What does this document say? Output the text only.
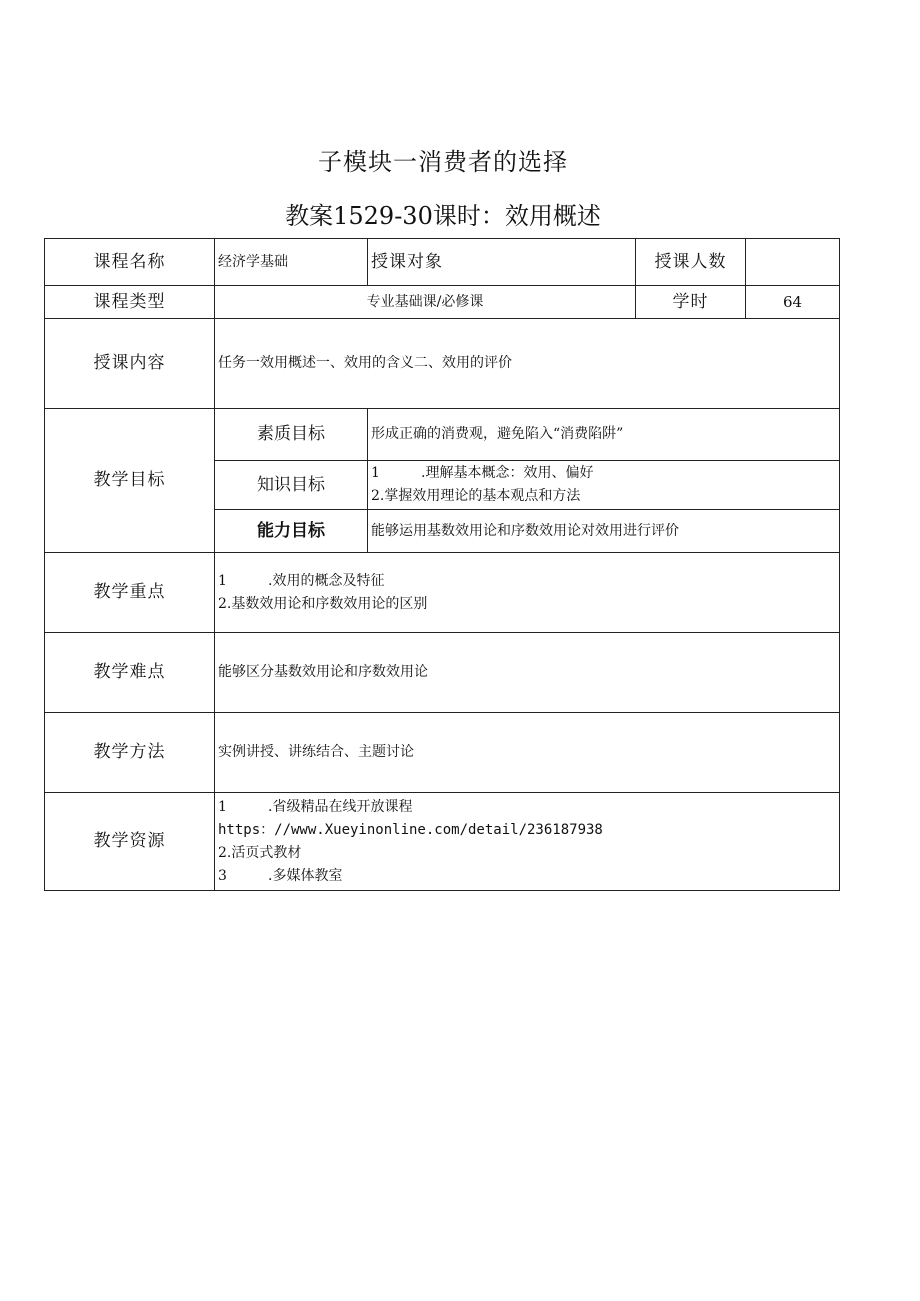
子模块一消费者的选择
教案1529-30课时：效用概述
课程名称	经济学基础	授课对象	授课人数	
课程类型	专业基础课/必修课		学时	64
授课内容	任务一效用概述一、效用的含义二、效用的评价			
教学目标	素质目标	形成正确的消费观，避免陷入“消费陷阱”		
	知识目标	1 .理解基本概念：效用、偏好
2.掌握效用理论的基本观点和方法		

	能力目标	能够运用基数效用论和序数效用论对效用进行评价		
教学重点	1 .效用的概念及特征
2.基数效用论和序数效用论的区别			

教学难点	能够区分基数效用论和序数效用论			
教学方法	实例讲授、讲练结合、主题讨论			
教学资源	1 .省级精品在线开放课程
https：//www.Xueyinonline.com/detail/236187938
2.活页式教材
3 .多媒体教室			
